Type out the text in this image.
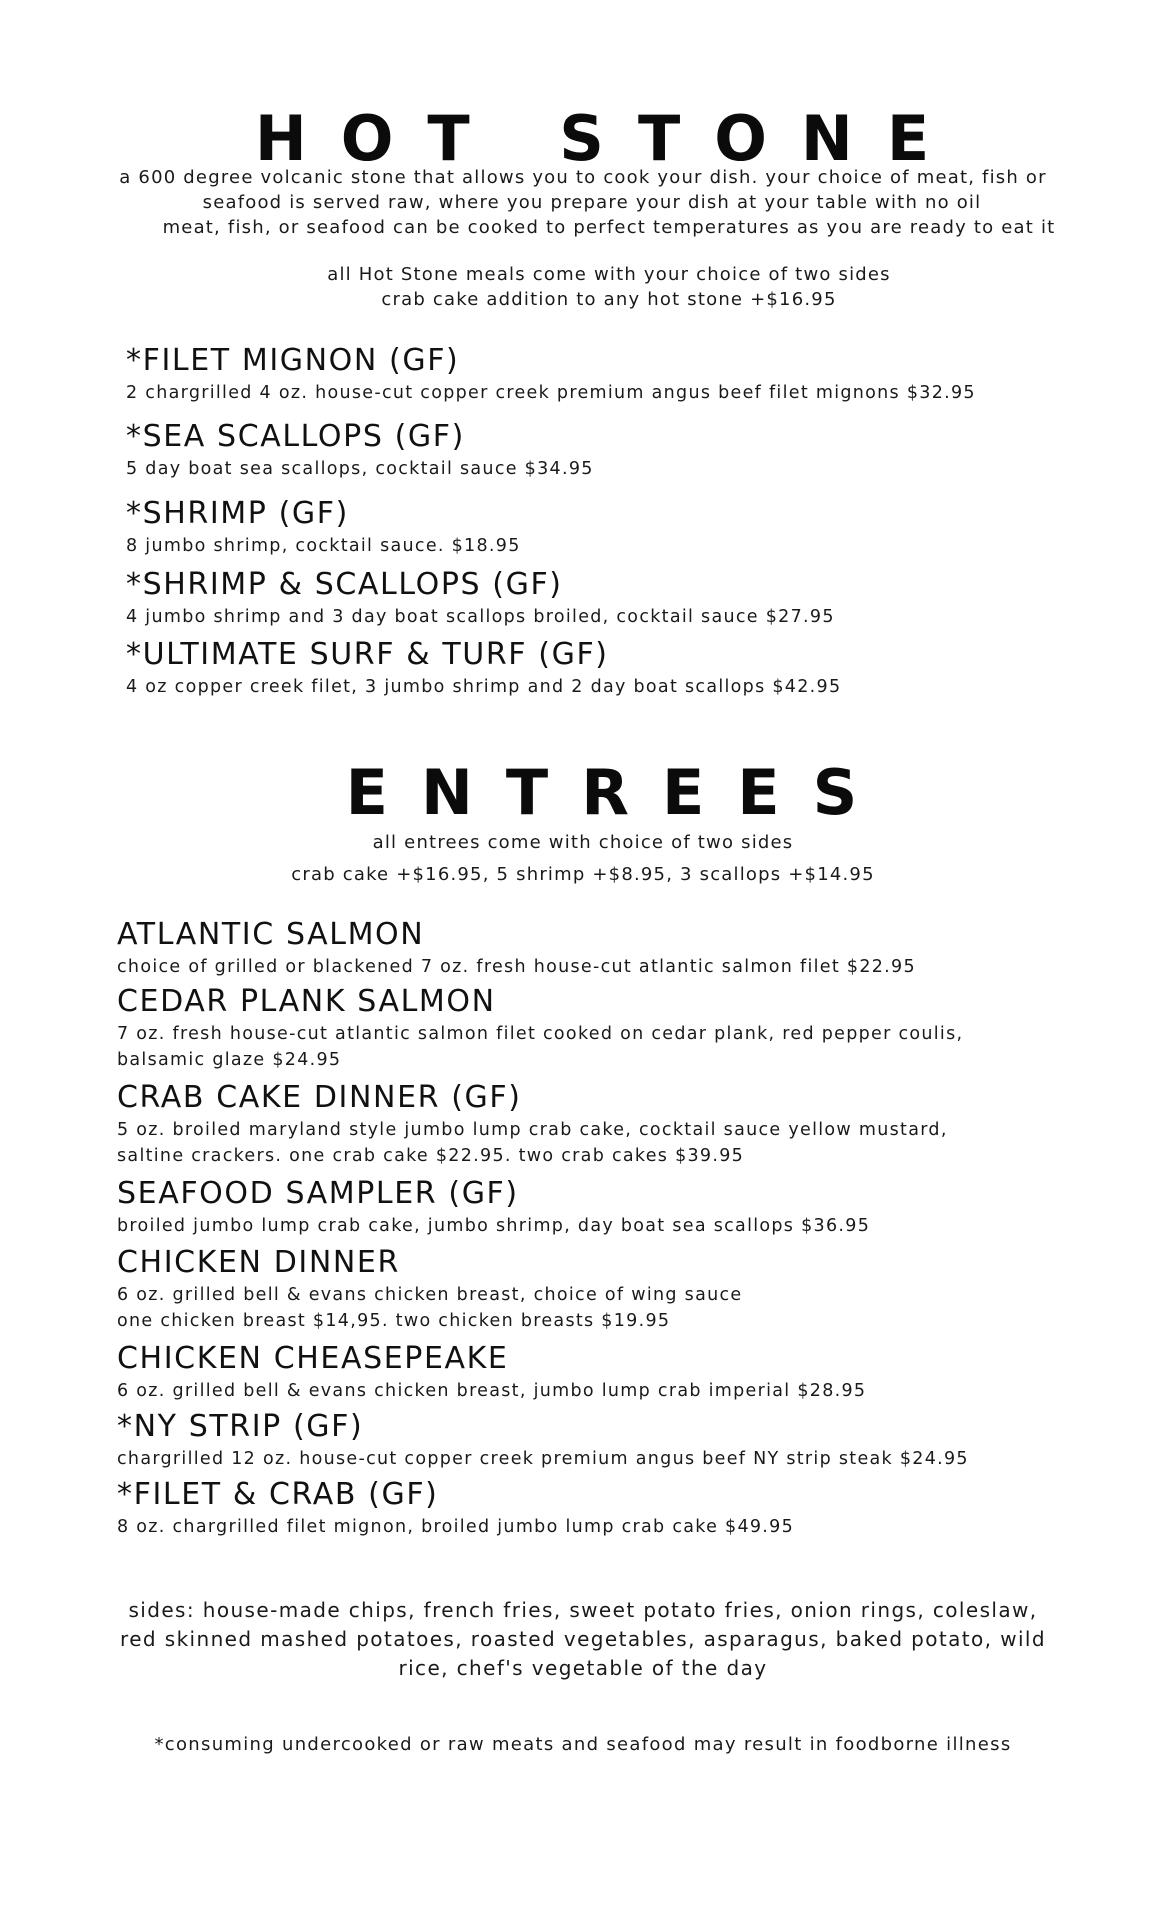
HOT STONE
a 600 degree volcanic stone that allows you to cook your dish. your choice of meat, fish or
seafood is served raw, where you prepare your dish at your table with no oil
meat, fish, or seafood can be cooked to perfect temperatures as you are ready to eat it
all Hot Stone meals come with your choice of two sides
crab cake addition to any hot stone +$16.95
*FILET MIGNON (GF)
2 chargrilled 4 oz. house-cut copper creek premium angus beef filet mignons $32.95
*SEA SCALLOPS (GF)
5 day boat sea scallops, cocktail sauce $34.95
*SHRIMP (GF)
8 jumbo shrimp, cocktail sauce. $18.95
*SHRIMP & SCALLOPS (GF)
4 jumbo shrimp and 3 day boat scallops broiled, cocktail sauce $27.95
*ULTIMATE SURF & TURF (GF)
4 oz copper creek filet, 3 jumbo shrimp and 2 day boat scallops $42.95
ENTREES
all entrees come with choice of two sides
crab cake +$16.95, 5 shrimp +$8.95, 3 scallops +$14.95
ATLANTIC SALMON
choice of grilled or blackened 7 oz. fresh house-cut atlantic salmon filet $22.95
CEDAR PLANK SALMON
7 oz. fresh house-cut atlantic salmon filet cooked on cedar plank, red pepper coulis,
balsamic glaze $24.95
CRAB CAKE DINNER (GF)
5 oz. broiled maryland style jumbo lump crab cake, cocktail sauce yellow mustard,
saltine crackers. one crab cake $22.95. two crab cakes $39.95
SEAFOOD SAMPLER (GF)
broiled jumbo lump crab cake, jumbo shrimp, day boat sea scallops $36.95
CHICKEN DINNER
6 oz. grilled bell & evans chicken breast, choice of wing sauce
one chicken breast $14,95. two chicken breasts $19.95
CHICKEN CHEASEPEAKE
6 oz. grilled bell & evans chicken breast, jumbo lump crab imperial $28.95
*NY STRIP (GF)
chargrilled 12 oz. house-cut copper creek premium angus beef NY strip steak $24.95
*FILET & CRAB (GF)
8 oz. chargrilled filet mignon, broiled jumbo lump crab cake $49.95
sides: house-made chips, french fries, sweet potato fries, onion rings, coleslaw,
red skinned mashed potatoes, roasted vegetables, asparagus, baked potato, wild
rice, chef's vegetable of the day
*consuming undercooked or raw meats and seafood may result in foodborne illness
